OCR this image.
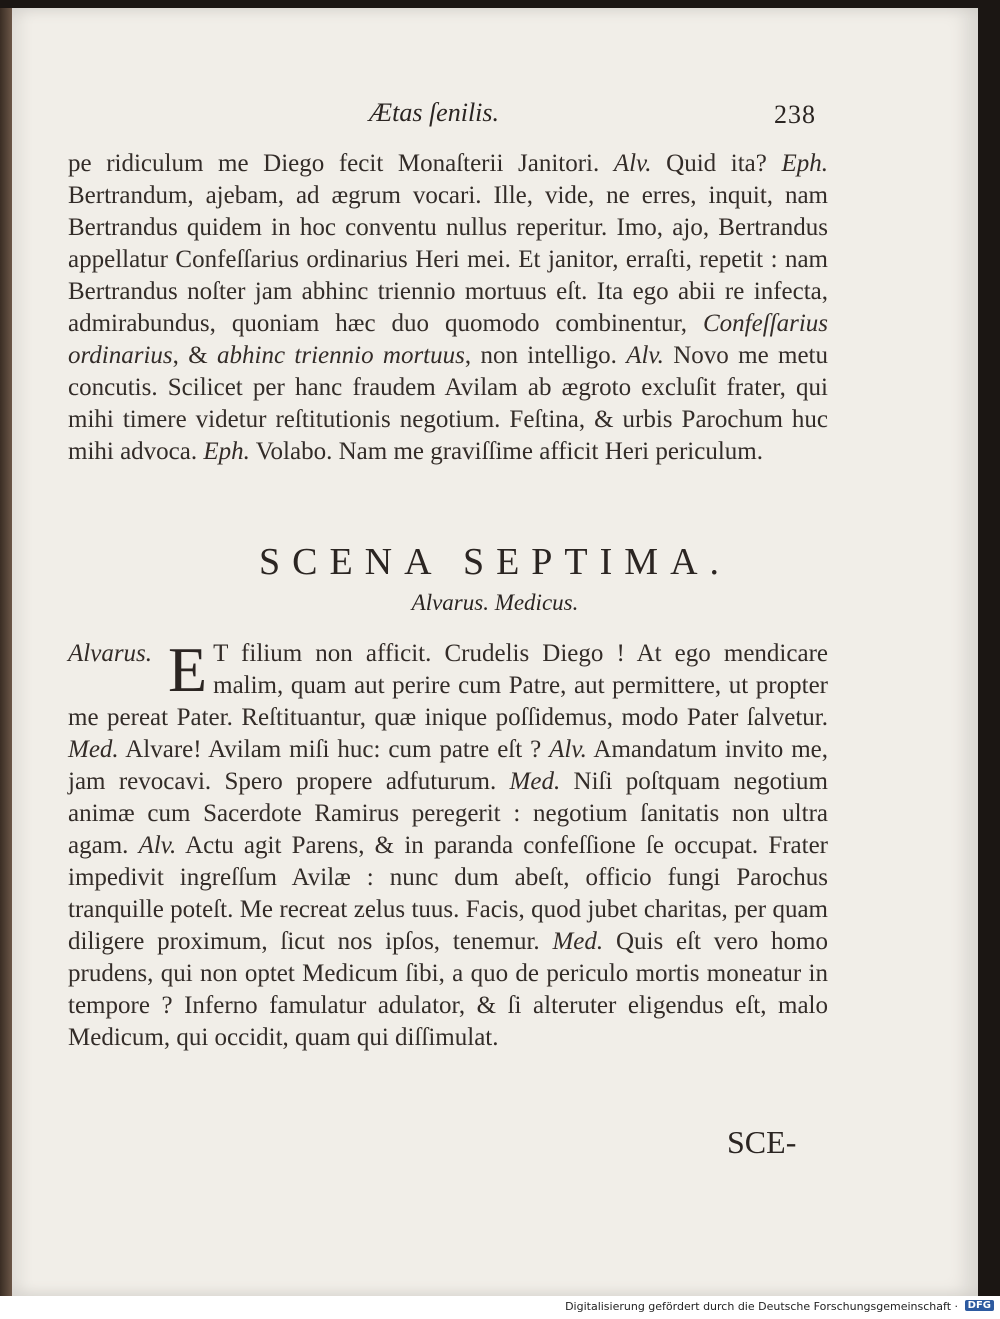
Ætas ſenilis.	238

pe ridiculum me Diego fecit Monaſterii Janitori. Alv. Quid ita? Eph. Bertrandum, ajebam, ad ægrum vocari. Ille, vide, ne erres, inquit, nam Bertrandus quidem in hoc conventu nullus reperitur. Imo, ajo, Bertrandus appellatur Confeſſarius ordinarius Heri mei. Et janitor, erraſti, repetit : nam Bertrandus noſter jam abhinc triennio mortuus eſt. Ita ego abii re infecta, admirabundus, quoniam hæc duo quomodo combinentur, Confeſſarius ordinarius, & abhinc triennio mortuus, non intelligo. Alv. Novo me metu concutis. Scilicet per hanc fraudem Avilam ab ægroto excluſit frater, qui mihi timere videtur reſtitutionis negotium. Feſtina, & urbis Parochum huc mihi advoca. Eph. Volabo. Nam me graviſſime afficit Heri periculum.

SCENA SEPTIMA.
Alvarus. Medicus.

Alvarus. E T filium non afficit. Crudelis Diego ! At ego mendicare malim, quam aut perire cum Patre, aut permittere, ut propter me pereat Pater. Reſtituantur, quæ inique poſſidemus, modo Pater ſalvetur. Med. Alvare! Avilam miſi huc: cum patre eſt ? Alv. Amandatum invito me, jam revocavi. Spero propere adfuturum. Med. Niſi poſtquam negotium animæ cum Sacerdote Ramirus peregerit : negotium ſanitatis non ultra agam. Alv. Actu agit Parens, & in paranda confeſſione ſe occupat. Frater impedivit ingreſſum Avilæ : nunc dum abeſt, officio fungi Parochus tranquille poteſt. Me recreat zelus tuus. Facis, quod jubet charitas, per quam diligere proximum, ſicut nos ipſos, tenemur. Med. Quis eſt vero homo prudens, qui non optet Medicum ſibi, a quo de periculo mortis moneatur in tempore ? Inferno famulatur adulator, & ſi alteruter eligendus eſt, malo Medicum, qui occidit, quam qui diſſimulat.

SCE-
Digitalisierung gefördert durch die Deutsche Forschungsgemeinschaft · DFG
